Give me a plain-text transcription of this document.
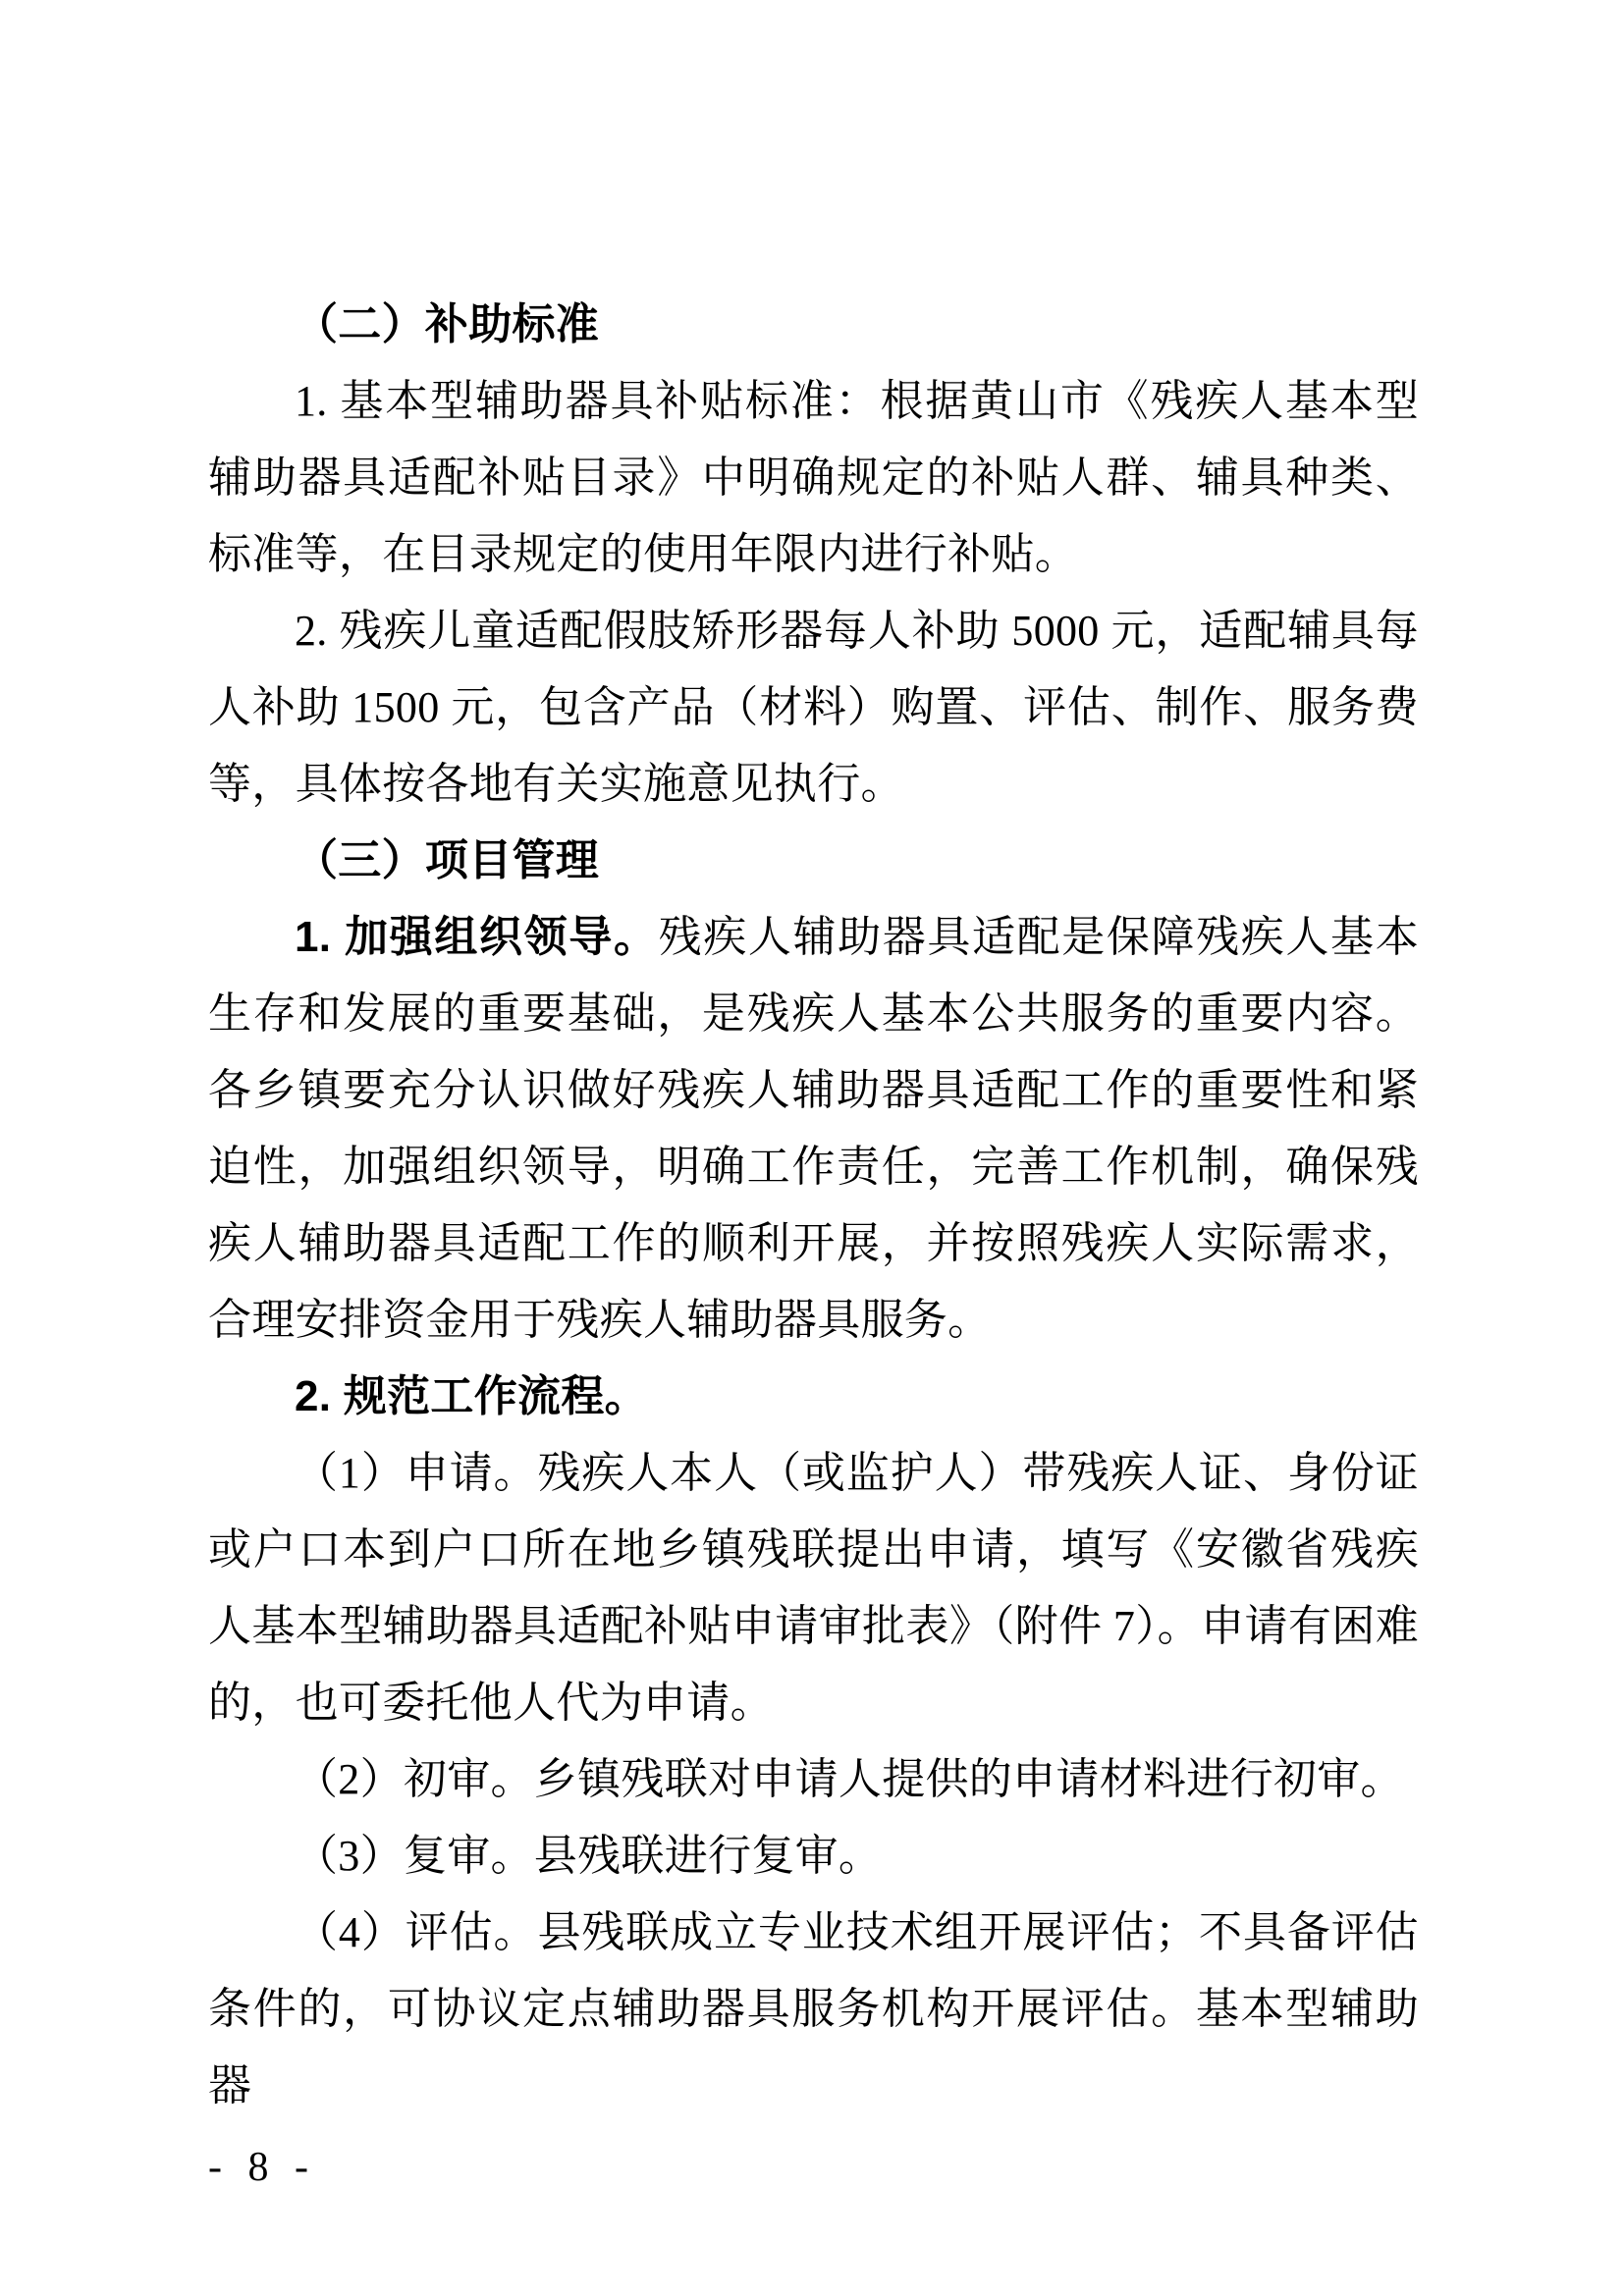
（二）补助标准

1. 基本型辅助器具补贴标准：根据黄山市《残疾人基本型辅助器具适配补贴目录》中明确规定的补贴人群、辅具种类、标准等，在目录规定的使用年限内进行补贴。

2. 残疾儿童适配假肢矫形器每人补助 5000 元，适配辅具每人补助 1500 元，包含产品（材料）购置、评估、制作、服务费等，具体按各地有关实施意见执行。

（三）项目管理

1. 加强组织领导。残疾人辅助器具适配是保障残疾人基本生存和发展的重要基础，是残疾人基本公共服务的重要内容。各乡镇要充分认识做好残疾人辅助器具适配工作的重要性和紧迫性，加强组织领导，明确工作责任，完善工作机制，确保残疾人辅助器具适配工作的顺利开展，并按照残疾人实际需求，合理安排资金用于残疾人辅助器具服务。

2. 规范工作流程。

（1）申请。残疾人本人（或监护人）带残疾人证、身份证或户口本到户口所在地乡镇残联提出申请，填写《安徽省残疾人基本型辅助器具适配补贴申请审批表》（附件 7）。申请有困难的，也可委托他人代为申请。

（2）初审。乡镇残联对申请人提供的申请材料进行初审。

（3）复审。县残联进行复审。

（4）评估。县残联成立专业技术组开展评估；不具备评估条件的，可协议定点辅助器具服务机构开展评估。基本型辅助器

- 8 -
